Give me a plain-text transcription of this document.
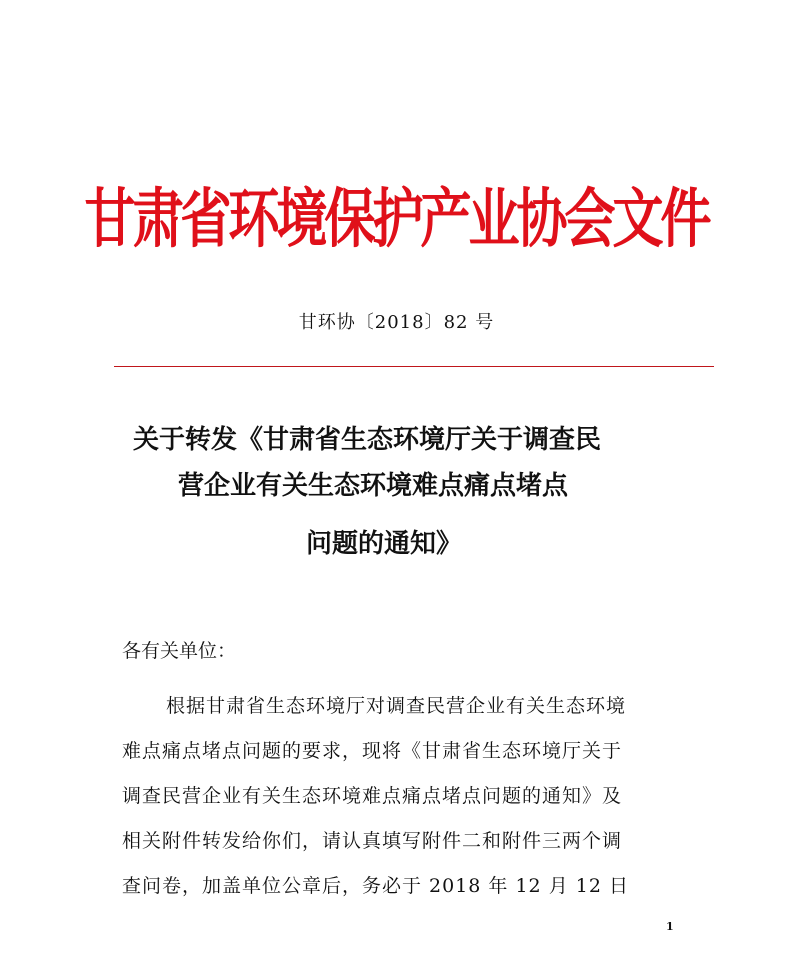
甘肃省环境保护产业协会文件
甘环协〔2018〕82 号
关于转发《甘肃省生态环境厅关于调查民
营企业有关生态环境难点痛点堵点
问题的通知》
各有关单位：
根据甘肃省生态环境厅对调查民营企业有关生态环境
难点痛点堵点问题的要求，现将《甘肃省生态环境厅关于
调查民营企业有关生态环境难点痛点堵点问题的通知》及
相关附件转发给你们，请认真填写附件二和附件三两个调
查问卷，加盖单位公章后，务必于 2018 年 12 月 12 日
1
